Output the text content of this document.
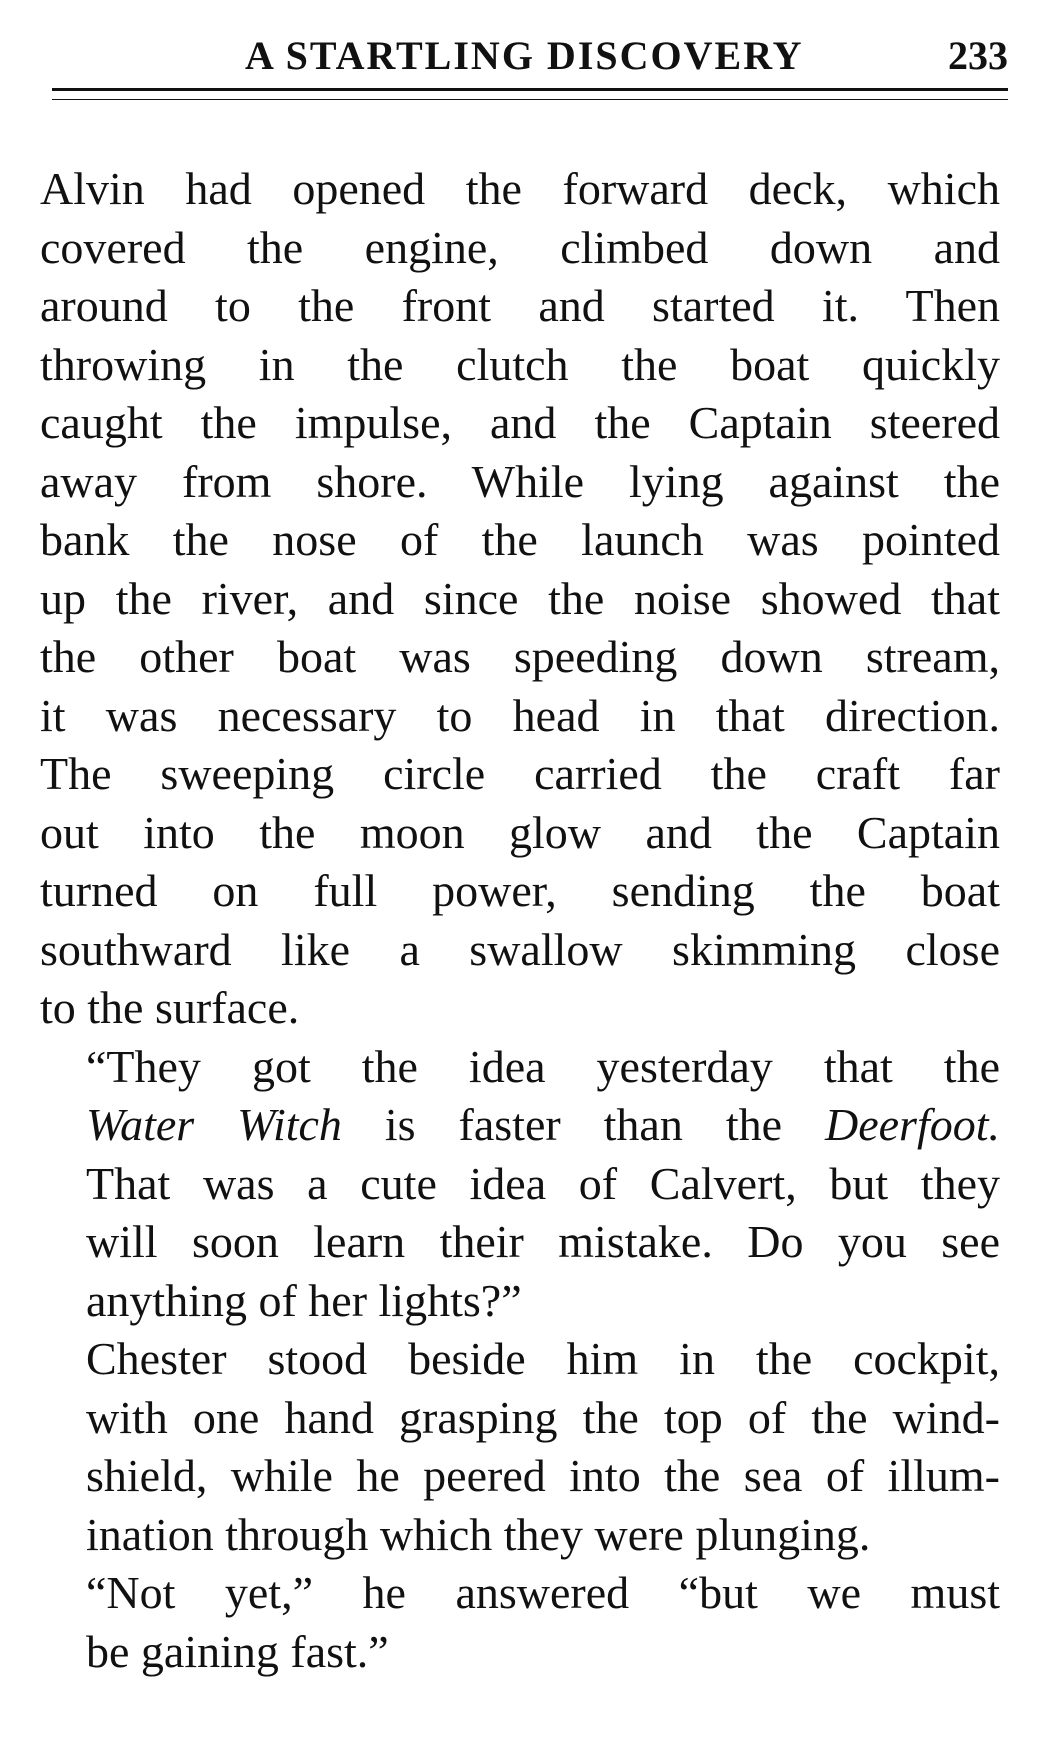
A STARTLING DISCOVERY	233

Alvin had opened the forward deck, which
covered the engine, climbed down and
around to the front and started it. Then
throwing in the clutch the boat quickly
caught the impulse, and the Captain steered
away from shore. While lying against the
bank the nose of the launch was pointed
up the river, and since the noise showed that
the other boat was speeding down stream,
it was necessary to head in that direction.
The sweeping circle carried the craft far
out into the moon glow and the Captain
turned on full power, sending the boat
southward like a swallow skimming close
to the surface.

“They got the idea yesterday that the
Water Witch is faster than the Deerfoot.
That was a cute idea of Calvert, but they
will soon learn their mistake. Do you see
anything of her lights?”

Chester stood beside him in the cockpit,
with one hand grasping the top of the wind-
shield, while he peered into the sea of illum-
ination through which they were plunging.

“Not yet,” he answered “but we must
be gaining fast.”
